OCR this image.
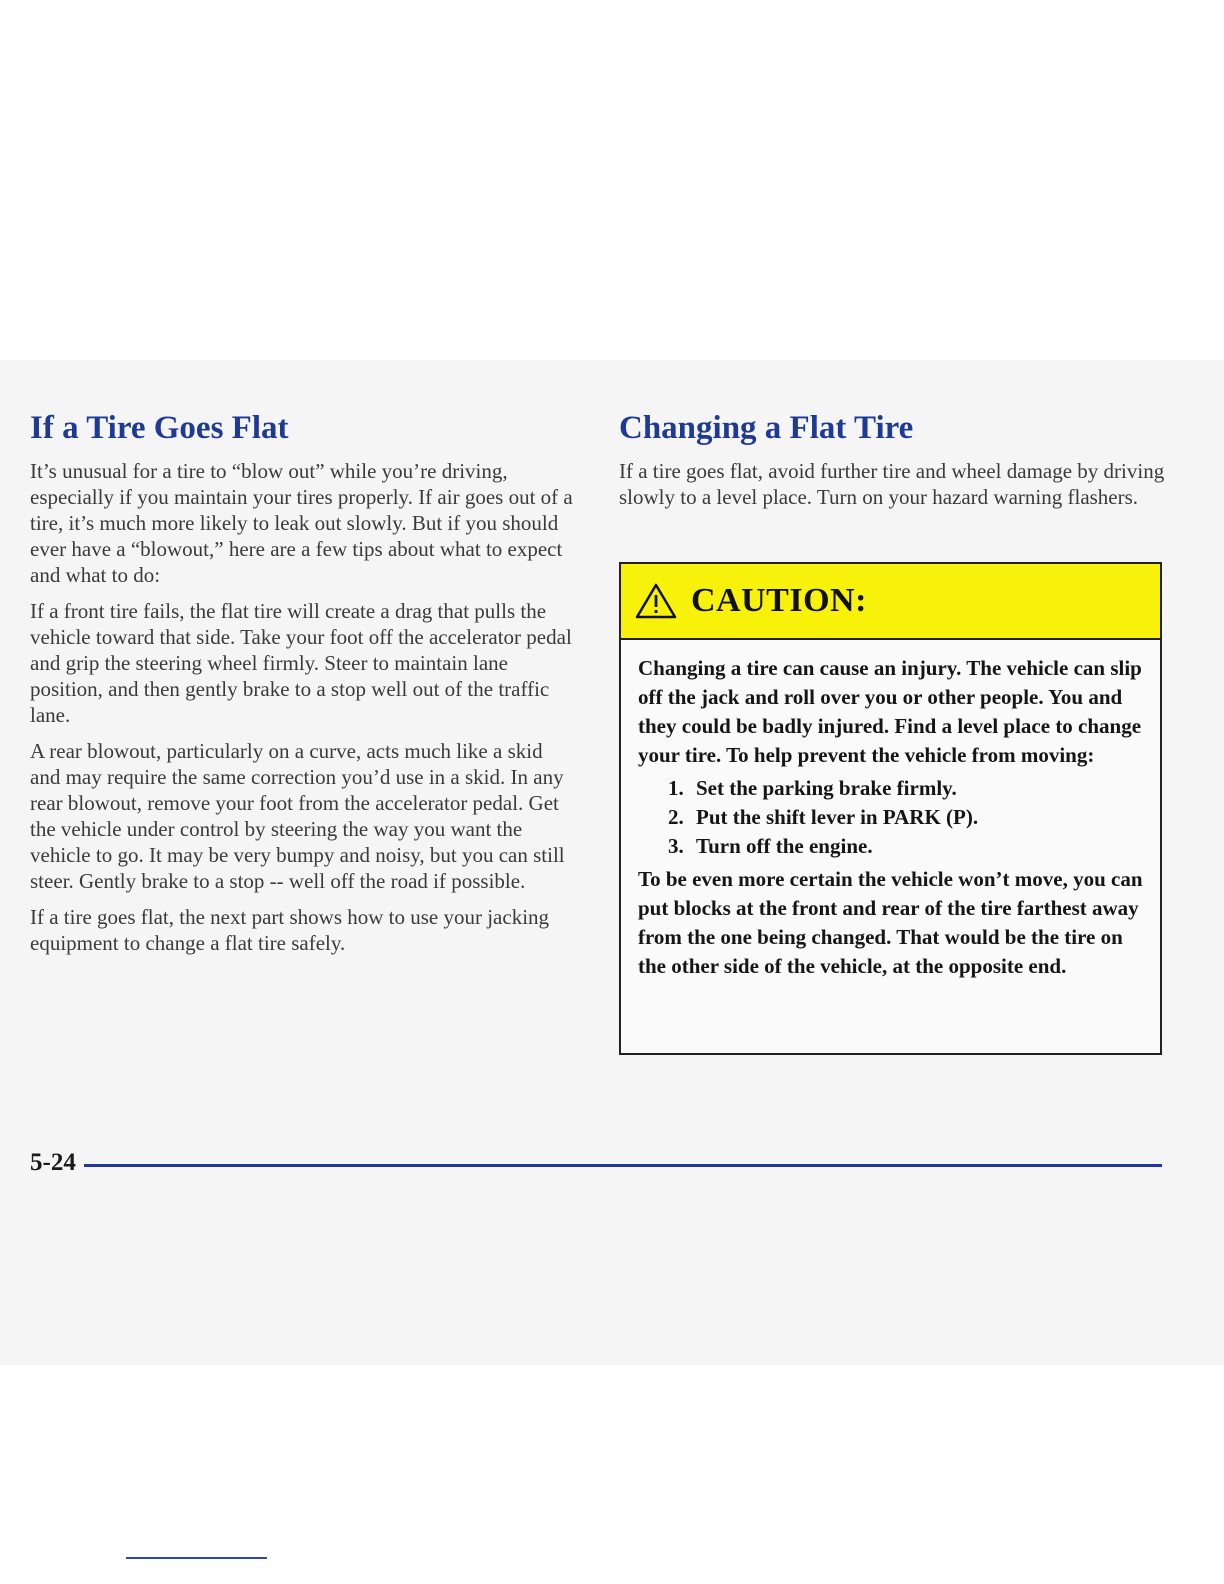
If a Tire Goes Flat

It’s unusual for a tire to “blow out” while you’re driving, especially if you maintain your tires properly. If air goes out of a tire, it’s much more likely to leak out slowly. But if you should ever have a “blowout,” here are a few tips about what to expect and what to do:

If a front tire fails, the flat tire will create a drag that pulls the vehicle toward that side. Take your foot off the accelerator pedal and grip the steering wheel firmly. Steer to maintain lane position, and then gently brake to a stop well out of the traffic lane.

A rear blowout, particularly on a curve, acts much like a skid and may require the same correction you’d use in a skid. In any rear blowout, remove your foot from the accelerator pedal. Get the vehicle under control by steering the way you want the vehicle to go. It may be very bumpy and noisy, but you can still steer. Gently brake to a stop -- well off the road if possible.

If a tire goes flat, the next part shows how to use your jacking equipment to change a flat tire safely.

Changing a Flat Tire

If a tire goes flat, avoid further tire and wheel damage by driving slowly to a level place. Turn on your hazard warning flashers.

CAUTION:

Changing a tire can cause an injury. The vehicle can slip off the jack and roll over you or other people. You and they could be badly injured. Find a level place to change your tire. To help prevent the vehicle from moving:

1. Set the parking brake firmly.
2. Put the shift lever in PARK (P).
3. Turn off the engine.

To be even more certain the vehicle won’t move, you can put blocks at the front and rear of the tire farthest away from the one being changed. That would be the tire on the other side of the vehicle, at the opposite end.

5-24
